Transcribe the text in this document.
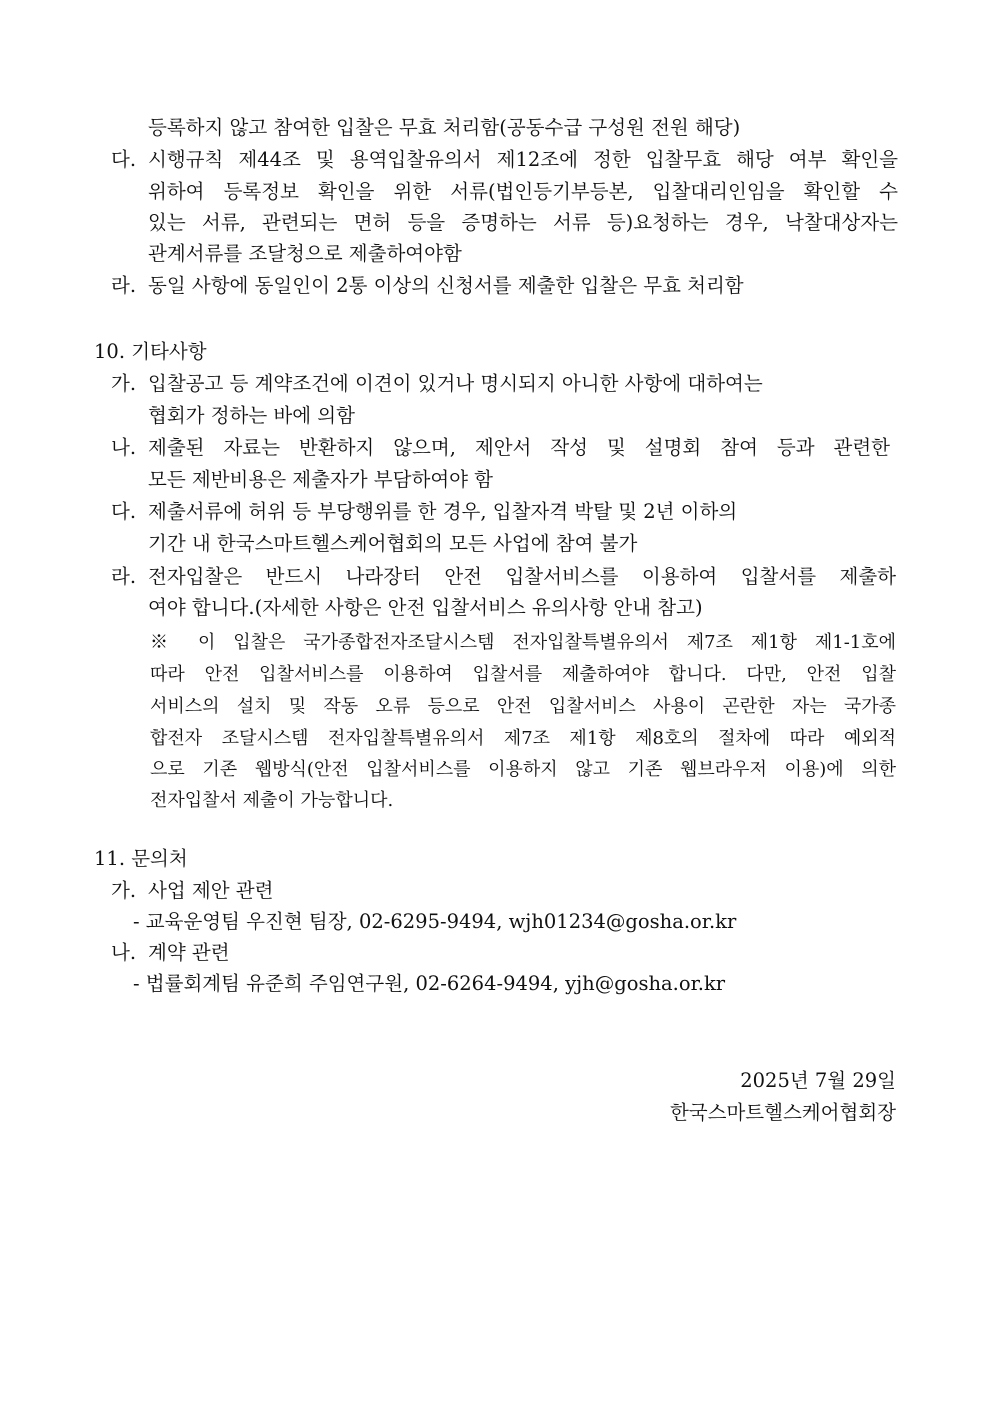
등록하지 않고 참여한 입찰은 무효 처리함(공동수급 구성원 전원 해당)
다. 시행규칙 제44조 및 용역입찰유의서 제12조에 정한 입찰무효 해당 여부 확인을
위하여 등록정보 확인을 위한 서류(법인등기부등본, 입찰대리인임을 확인할 수
있는 서류, 관련되는 면허 등을 증명하는 서류 등)요청하는 경우, 낙찰대상자는
관계서류를 조달청으로 제출하여야함
라. 동일 사항에 동일인이 2통 이상의 신청서를 제출한 입찰은 무효 처리함
10. 기타사항
가. 입찰공고 등 계약조건에 이견이 있거나 명시되지 아니한 사항에 대하여는
협회가 정하는 바에 의함
나. 제출된 자료는 반환하지 않으며, 제안서 작성 및 설명회 참여 등과 관련한
모든 제반비용은 제출자가 부담하여야 함
다. 제출서류에 허위 등 부당행위를 한 경우, 입찰자격 박탈 및 2년 이하의
기간 내 한국스마트헬스케어협회의 모든 사업에 참여 불가
라. 전자입찰은 반드시 나라장터 안전 입찰서비스를 이용하여 입찰서를 제출하
여야 합니다.(자세한 사항은 안전 입찰서비스 유의사항 안내 참고)
※ 이 입찰은 국가종합전자조달시스템 전자입찰특별유의서 제7조 제1항 제1-1호에
따라 안전 입찰서비스를 이용하여 입찰서를 제출하여야 합니다. 다만, 안전 입찰
서비스의 설치 및 작동 오류 등으로 안전 입찰서비스 사용이 곤란한 자는 국가종
합전자 조달시스템 전자입찰특별유의서 제7조 제1항 제8호의 절차에 따라 예외적
으로 기존 웹방식(안전 입찰서비스를 이용하지 않고 기존 웹브라우저 이용)에 의한
전자입찰서 제출이 가능합니다.
11. 문의처
가. 사업 제안 관련
- 교육운영팀 우진현 팀장, 02-6295-9494, wjh01234@gosha.or.kr
나. 계약 관련
- 법률회계팀 유준희 주임연구원, 02-6264-9494, yjh@gosha.or.kr
2025년 7월 29일
한국스마트헬스케어협회장
